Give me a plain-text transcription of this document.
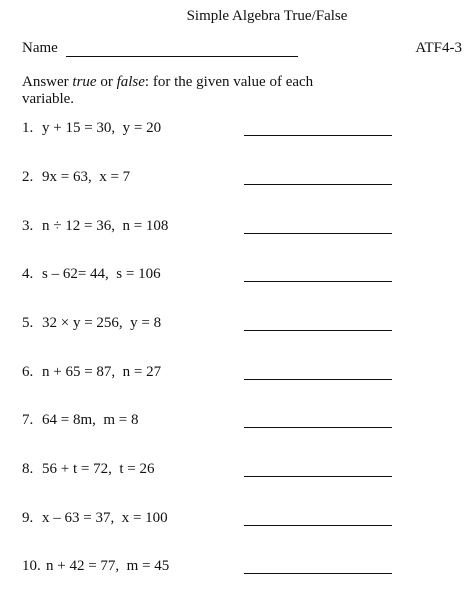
Simple Algebra True/False
Name	ATF4-3
Answer true or false: for the given value of each variable.
1. y + 15 = 30,  y = 20
2. 9x = 63,  x = 7
3. n ÷ 12 = 36,  n = 108
4. s – 62= 44,  s = 106
5. 32 × y = 256,  y = 8
6. n + 65 = 87,  n = 27
7. 64 = 8m,  m = 8
8. 56 + t = 72,  t = 26
9. x – 63 = 37,  x = 100
10. n + 42 = 77,  m = 45
